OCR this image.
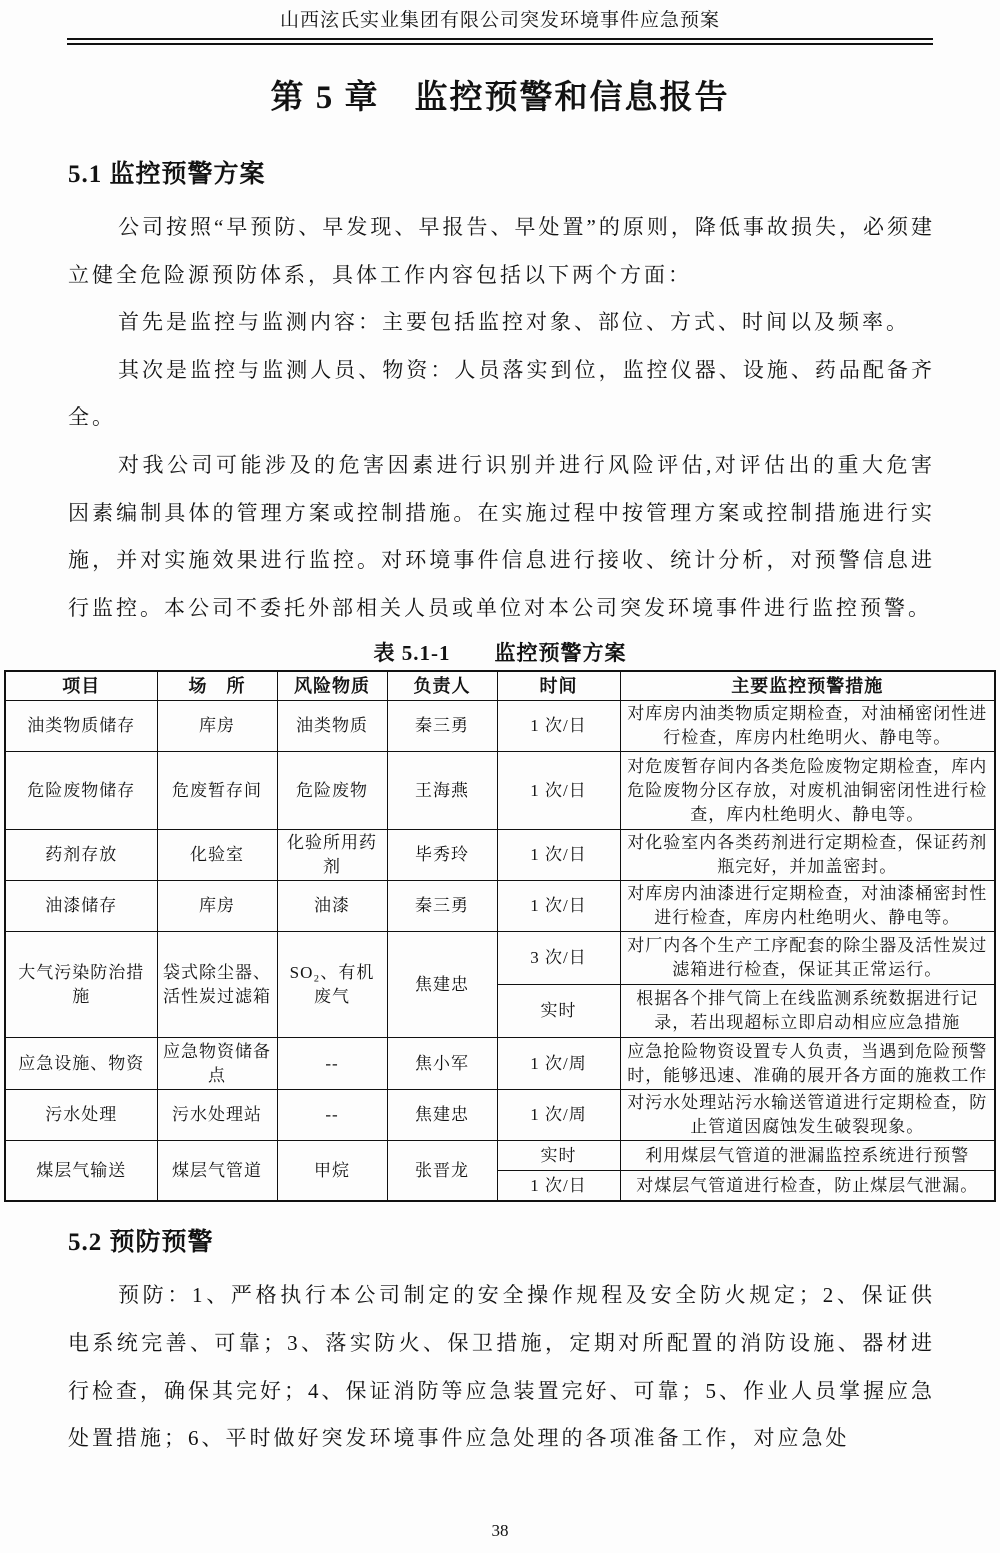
山西泫氏实业集团有限公司突发环境事件应急预案
第 5 章　监控预警和信息报告
5.1 监控预警方案

公司按照“早预防、早发现、早报告、早处置”的原则，降低事故损失，必须建立健全危险源预防体系，具体工作内容包括以下两个方面：

首先是监控与监测内容：主要包括监控对象、部位、方式、时间以及频率。

其次是监控与监测人员、物资：人员落实到位，监控仪器、设施、药品配备齐全。

对我公司可能涉及的危害因素进行识别并进行风险评估,对评估出的重大危害因素编制具体的管理方案或控制措施。在实施过程中按管理方案或控制措施进行实施，并对实施效果进行监控。对环境事件信息进行接收、统计分析，对预警信息进行监控。本公司不委托外部相关人员或单位对本公司突发环境事件进行监控预警。

表 5.1-1　　监控预警方案
项目	场　所	风险物质	负责人	时间	主要监控预警措施
油类物质储存	库房	油类物质	秦三勇	1 次/日	对库房内油类物质定期检查，对油桶密闭性进行检查，库房内杜绝明火、静电等。
危险废物储存	危废暂存间	危险废物	王海燕	1 次/日	对危废暂存间内各类危险废物定期检查，库内危险废物分区存放，对废机油铜密闭性进行检查，库内杜绝明火、静电等。
药剂存放	化验室	化验所用药剂	毕秀玲	1 次/日	对化验室内各类药剂进行定期检查，保证药剂瓶完好，并加盖密封。
油漆储存	库房	油漆	秦三勇	1 次/日	对库房内油漆进行定期检查，对油漆桶密封性进行检查，库房内杜绝明火、静电等。
大气污染防治措施	袋式除尘器、活性炭过滤箱	SO₂、有机废气	焦建忠	3 次/日	对厂内各个生产工序配套的除尘器及活性炭过滤箱进行检查，保证其正常运行。
				实时	根据各个排气筒上在线监测系统数据进行记录，若出现超标立即启动相应应急措施
应急设施、物资	应急物资储备点	--	焦小军	1 次/周	应急抢险物资设置专人负责，当遇到危险预警时，能够迅速、准确的展开各方面的施救工作
污水处理	污水处理站	--	焦建忠	1 次/周	对污水处理站污水输送管道进行定期检查，防止管道因腐蚀发生破裂现象。
煤层气输送	煤层气管道	甲烷	张晋龙	实时	利用煤层气管道的泄漏监控系统进行预警
				1 次/日	对煤层气管道进行检查，防止煤层气泄漏。
5.2 预防预警

预防：1、严格执行本公司制定的安全操作规程及安全防火规定；2、保证供电系统完善、可靠；3、落实防火、保卫措施，定期对所配置的消防设施、器材进行检查，确保其完好；4、保证消防等应急装置完好、可靠；5、作业人员掌握应急处置措施；6、平时做好突发环境事件应急处理的各项准备工作，对应急处

38
